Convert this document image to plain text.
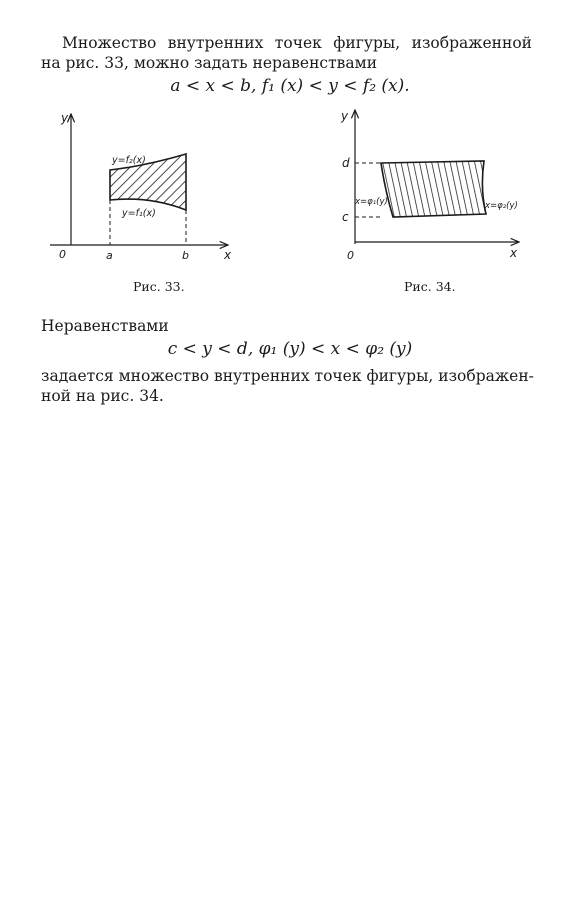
Множество внутренних точек фигуры, изображенной
на рис. 33, можно задать неравенствами
a < x < b, f₁ (x) < y < f₂ (x).
y
x
0	a	b
y=f₂(x)
y=f₁(x)
Рис. 33.
y
x
0
d
c
x=φ₁(y)	x=φ₂(y)
Рис. 34.
Неравенствами
c < y < d, φ₁ (y) < x < φ₂ (y)
задается множество внутренних точек фигуры, изображен-
ной на рис. 34.
